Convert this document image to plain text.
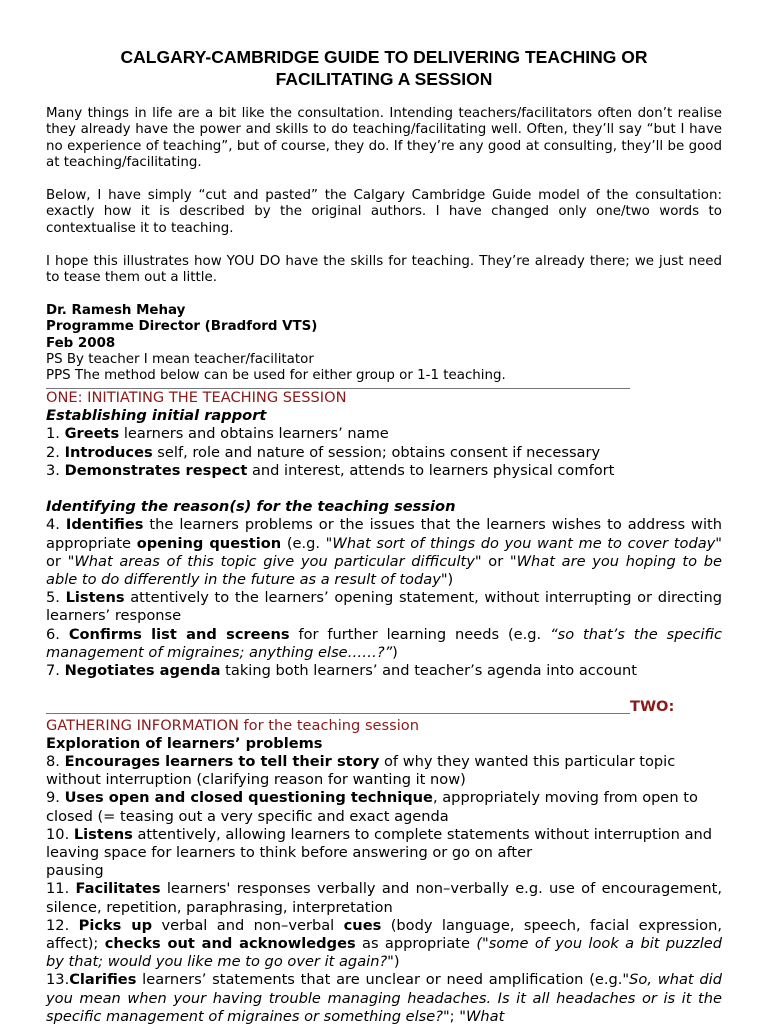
CALGARY-CAMBRIDGE GUIDE TO DELIVERING TEACHING OR
FACILITATING A SESSION

Many things in life are a bit like the consultation. Intending teachers/facilitators often don’t realise they already have the power and skills to do teaching/facilitating well. Often, they’ll say “but I have no experience of teaching”, but of course, they do. If they’re any good at consulting, they’ll be good at teaching/facilitating.

Below, I have simply “cut and pasted” the Calgary Cambridge Guide model of the consultation: exactly how it is described by the original authors. I have changed only one/two words to contextualise it to teaching.

I hope this illustrates how YOU DO have the skills for teaching. They’re already there; we just need to tease them out a little.

Dr. Ramesh Mehay
Programme Director (Bradford VTS)
Feb 2008
PS By teacher I mean teacher/facilitator
PPS The method below can be used for either group or 1-1 teaching.

ONE: INITIATING THE TEACHING SESSION

Establishing initial rapport

1. Greets learners and obtains learners’ name

2. Introduces self, role and nature of session; obtains consent if necessary

3. Demonstrates respect and interest, attends to learners physical comfort

Identifying the reason(s) for the teaching session

4. Identifies the learners problems or the issues that the learners wishes to address with appropriate opening question (e.g. "What sort of things do you want me to cover today" or "What areas of this topic give you particular difficulty" or "What are you hoping to be able to do differently in the future as a result of today")

5. Listens attentively to the learners’ opening statement, without interrupting or directing learners’ response

6. Confirms list and screens for further learning needs (e.g. “so that’s the specific management of migraines; anything else……?”)

7. Negotiates agenda taking both learners’ and teacher’s agenda into account

TWO:

GATHERING INFORMATION for the teaching session

Exploration of learners’ problems

8. Encourages learners to tell their story of why they wanted this particular topic without interruption (clarifying reason for wanting it now)

9. Uses open and closed questioning technique, appropriately moving from open to closed (= teasing out a very specific and exact agenda

10. Listens attentively, allowing learners to complete statements without interruption and leaving space for learners to think before answering or go on after
pausing

11. Facilitates learners' responses verbally and non–verbally e.g. use of encouragement, silence, repetition, paraphrasing, interpretation

12. Picks up verbal and non–verbal cues (body language, speech, facial expression, affect); checks out and acknowledges as appropriate ("some of you look a bit puzzled by that; would you like me to go over it again?")

13.Clarifies learners’ statements that are unclear or need amplification (e.g."So, what did you mean when your having trouble managing headaches. Is it all headaches or is it the specific management of migraines or something else?"; "What
